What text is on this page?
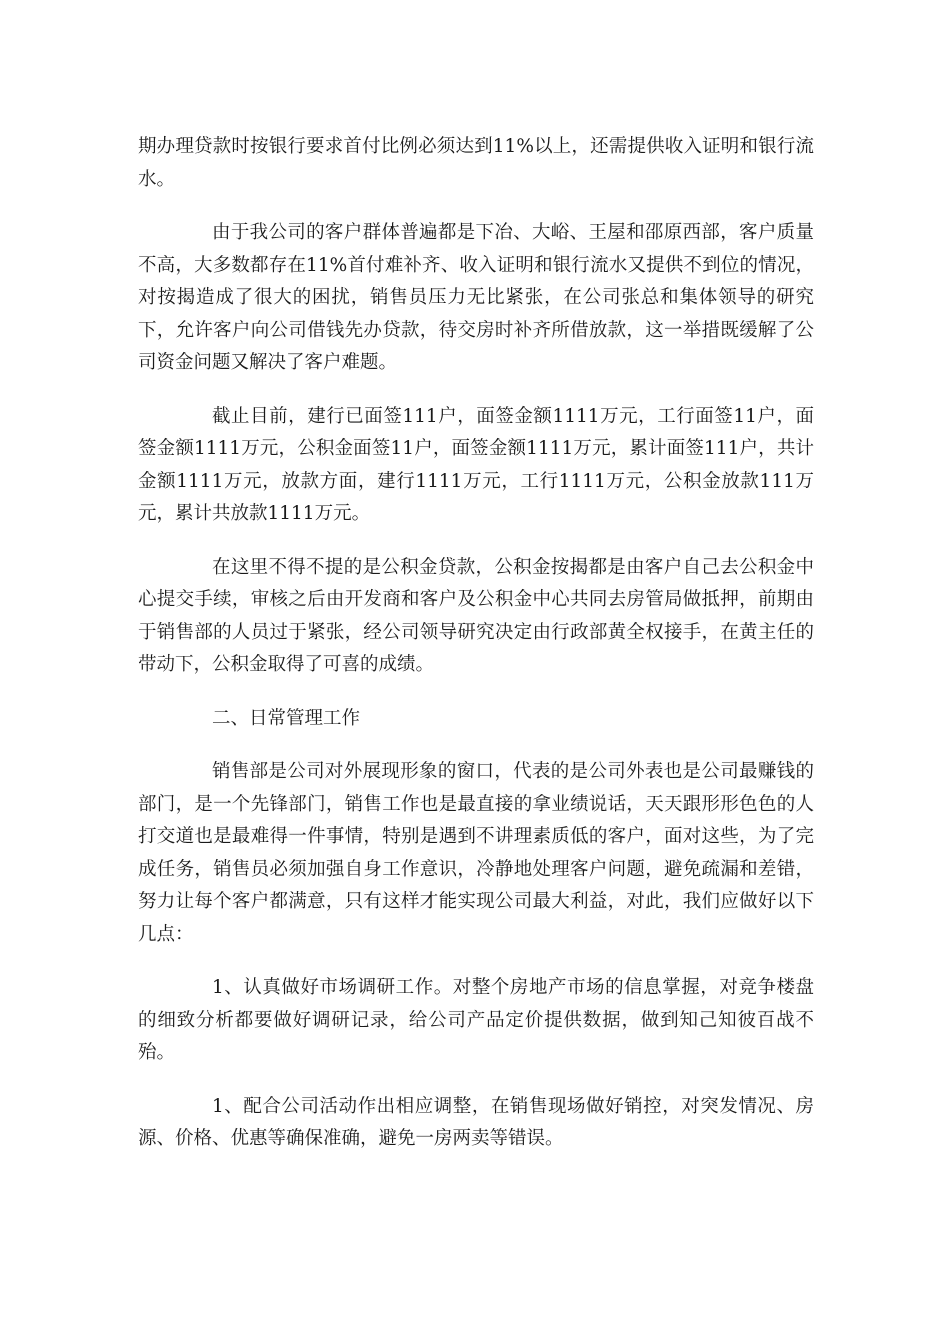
期办理贷款时按银行要求首付比例必须达到11%以上，还需提供收入证明和银行流水。

由于我公司的客户群体普遍都是下冶、大峪、王屋和邵原西部，客户质量不高，大多数都存在11%首付难补齐、收入证明和银行流水又提供不到位的情况，对按揭造成了很大的困扰，销售员压力无比紧张，在公司张总和集体领导的研究下，允许客户向公司借钱先办贷款，待交房时补齐所借放款，这一举措既缓解了公司资金问题又解决了客户难题。

截止目前，建行已面签111户，面签金额1111万元，工行面签11户，面签金额1111万元，公积金面签11户，面签金额1111万元，累计面签111户，共计金额1111万元，放款方面，建行1111万元，工行1111万元，公积金放款111万元，累计共放款1111万元。

在这里不得不提的是公积金贷款，公积金按揭都是由客户自己去公积金中心提交手续，审核之后由开发商和客户及公积金中心共同去房管局做抵押，前期由于销售部的人员过于紧张，经公司领导研究决定由行政部黄全权接手，在黄主任的带动下，公积金取得了可喜的成绩。

二、日常管理工作

销售部是公司对外展现形象的窗口，代表的是公司外表也是公司最赚钱的部门，是一个先锋部门，销售工作也是最直接的拿业绩说话，天天跟形形色色的人打交道也是最难得一件事情，特别是遇到不讲理素质低的客户，面对这些，为了完成任务，销售员必须加强自身工作意识，冷静地处理客户问题，避免疏漏和差错，努力让每个客户都满意，只有这样才能实现公司最大利益，对此，我们应做好以下几点：

1、认真做好市场调研工作。对整个房地产市场的信息掌握，对竞争楼盘的细致分析都要做好调研记录，给公司产品定价提供数据，做到知己知彼百战不殆。

1、配合公司活动作出相应调整，在销售现场做好销控，对突发情况、房源、价格、优惠等确保准确，避免一房两卖等错误。
